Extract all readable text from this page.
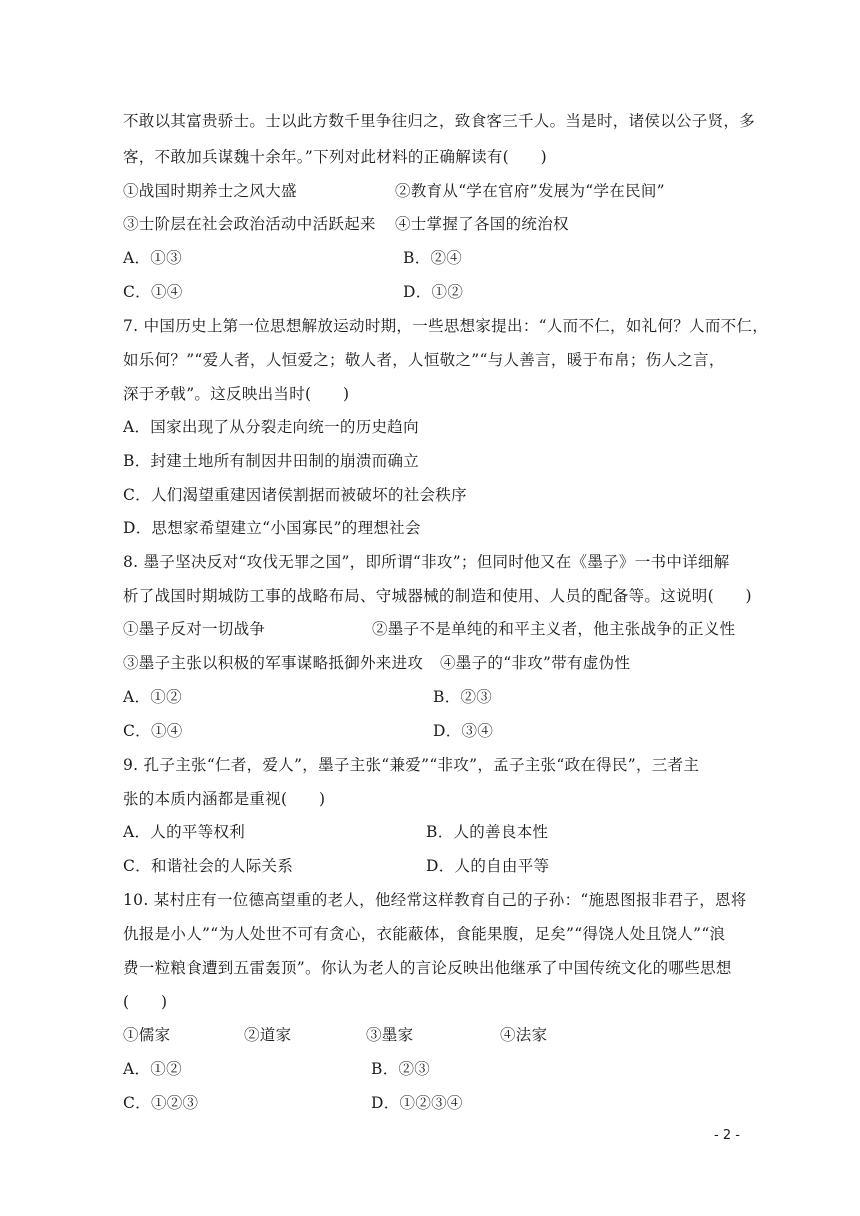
不敢以其富贵骄士。士以此方数千里争往归之，致食客三千人。当是时，诸侯以公子贤，多
客，不敢加兵谋魏十余年。”下列对此材料的正确解读有(　　)
①战国时期养士之风大盛	②教育从“学在官府”发展为“学在民间”
③士阶层在社会政治活动中活跃起来 ④士掌握了各国的统治权
A．①③	B．②④
C．①④	D．①②
7. 中国历史上第一位思想解放运动时期，一些思想家提出：“人而不仁，如礼何？人而不仁，
如乐何？”“爱人者，人恒爱之；敬人者，人恒敬之”“与人善言，暖于布帛；伤人之言，
深于矛戟”。这反映出当时(　　)
A．国家出现了从分裂走向统一的历史趋向
B．封建土地所有制因井田制的崩溃而确立
C．人们渴望重建因诸侯割据而被破坏的社会秩序
D．思想家希望建立“小国寡民”的理想社会
8. 墨子坚决反对“攻伐无罪之国”，即所谓“非攻”；但同时他又在《墨子》一书中详细解
析了战国时期城防工事的战略布局、守城器械的制造和使用、人员的配备等。这说明(　　)
①墨子反对一切战争	②墨子不是单纯的和平主义者，他主张战争的正义性
③墨子主张以积极的军事谋略抵御外来进攻 ④墨子的“非攻”带有虚伪性
A．①②	B．②③
C．①④	D．③④
9. 孔子主张“仁者，爱人”，墨子主张“兼爱”“非攻”，孟子主张“政在得民”，三者主
张的本质内涵都是重视(　　)
A．人的平等权利	B．人的善良本性
C．和谐社会的人际关系	D．人的自由平等
10. 某村庄有一位德高望重的老人，他经常这样教育自己的子孙：“施恩图报非君子，恩将
仇报是小人”“为人处世不可有贪心，衣能蔽体，食能果腹，足矣”“得饶人处且饶人”“浪
费一粒粮食遭到五雷轰顶”。你认为老人的言论反映出他继承了中国传统文化的哪些思想
(　　)
①儒家	②道家	③墨家	④法家
A．①②	B．②③
C．①②③	D．①②③④
- 2 -
